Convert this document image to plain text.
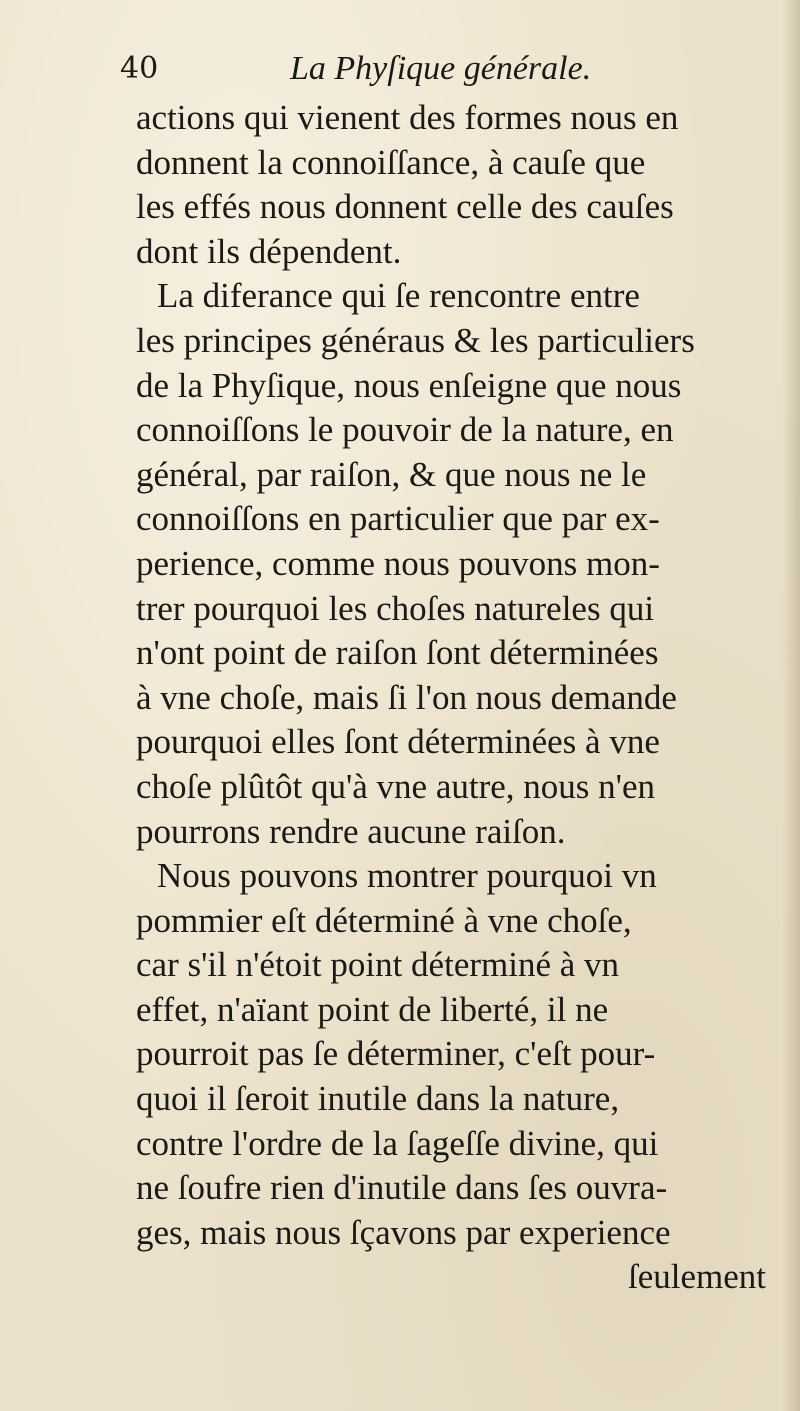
40	La Phyſique générale.
actions qui vienent des formes nous en
donnent la connoiſſance, à cauſe que
les effés nous donnent celle des cauſes
dont ils dépendent.
La diferance qui ſe rencontre entre
les principes généraus & les particuliers
de la Phyſique, nous enſeigne que nous
connoiſſons le pouvoir de la nature, en
général, par raiſon, & que nous ne le
connoiſſons en particulier que par ex-
perience, comme nous pouvons mon-
trer pourquoi les choſes natureles qui
n'ont point de raiſon ſont déterminées
à vne choſe, mais ſi l'on nous demande
pourquoi elles ſont déterminées à vne
choſe plûtôt qu'à vne autre, nous n'en
pourrons rendre aucune raiſon.
Nous pouvons montrer pourquoi vn
pommier eſt déterminé à vne choſe,
car s'il n'étoit point déterminé à vn
effet, n'aïant point de liberté, il ne
pourroit pas ſe déterminer, c'eſt pour-
quoi il ſeroit inutile dans la nature,
contre l'ordre de la ſageſſe divine, qui
ne ſoufre rien d'inutile dans ſes ouvra-
ges, mais nous ſçavons par experience
ſeulement
